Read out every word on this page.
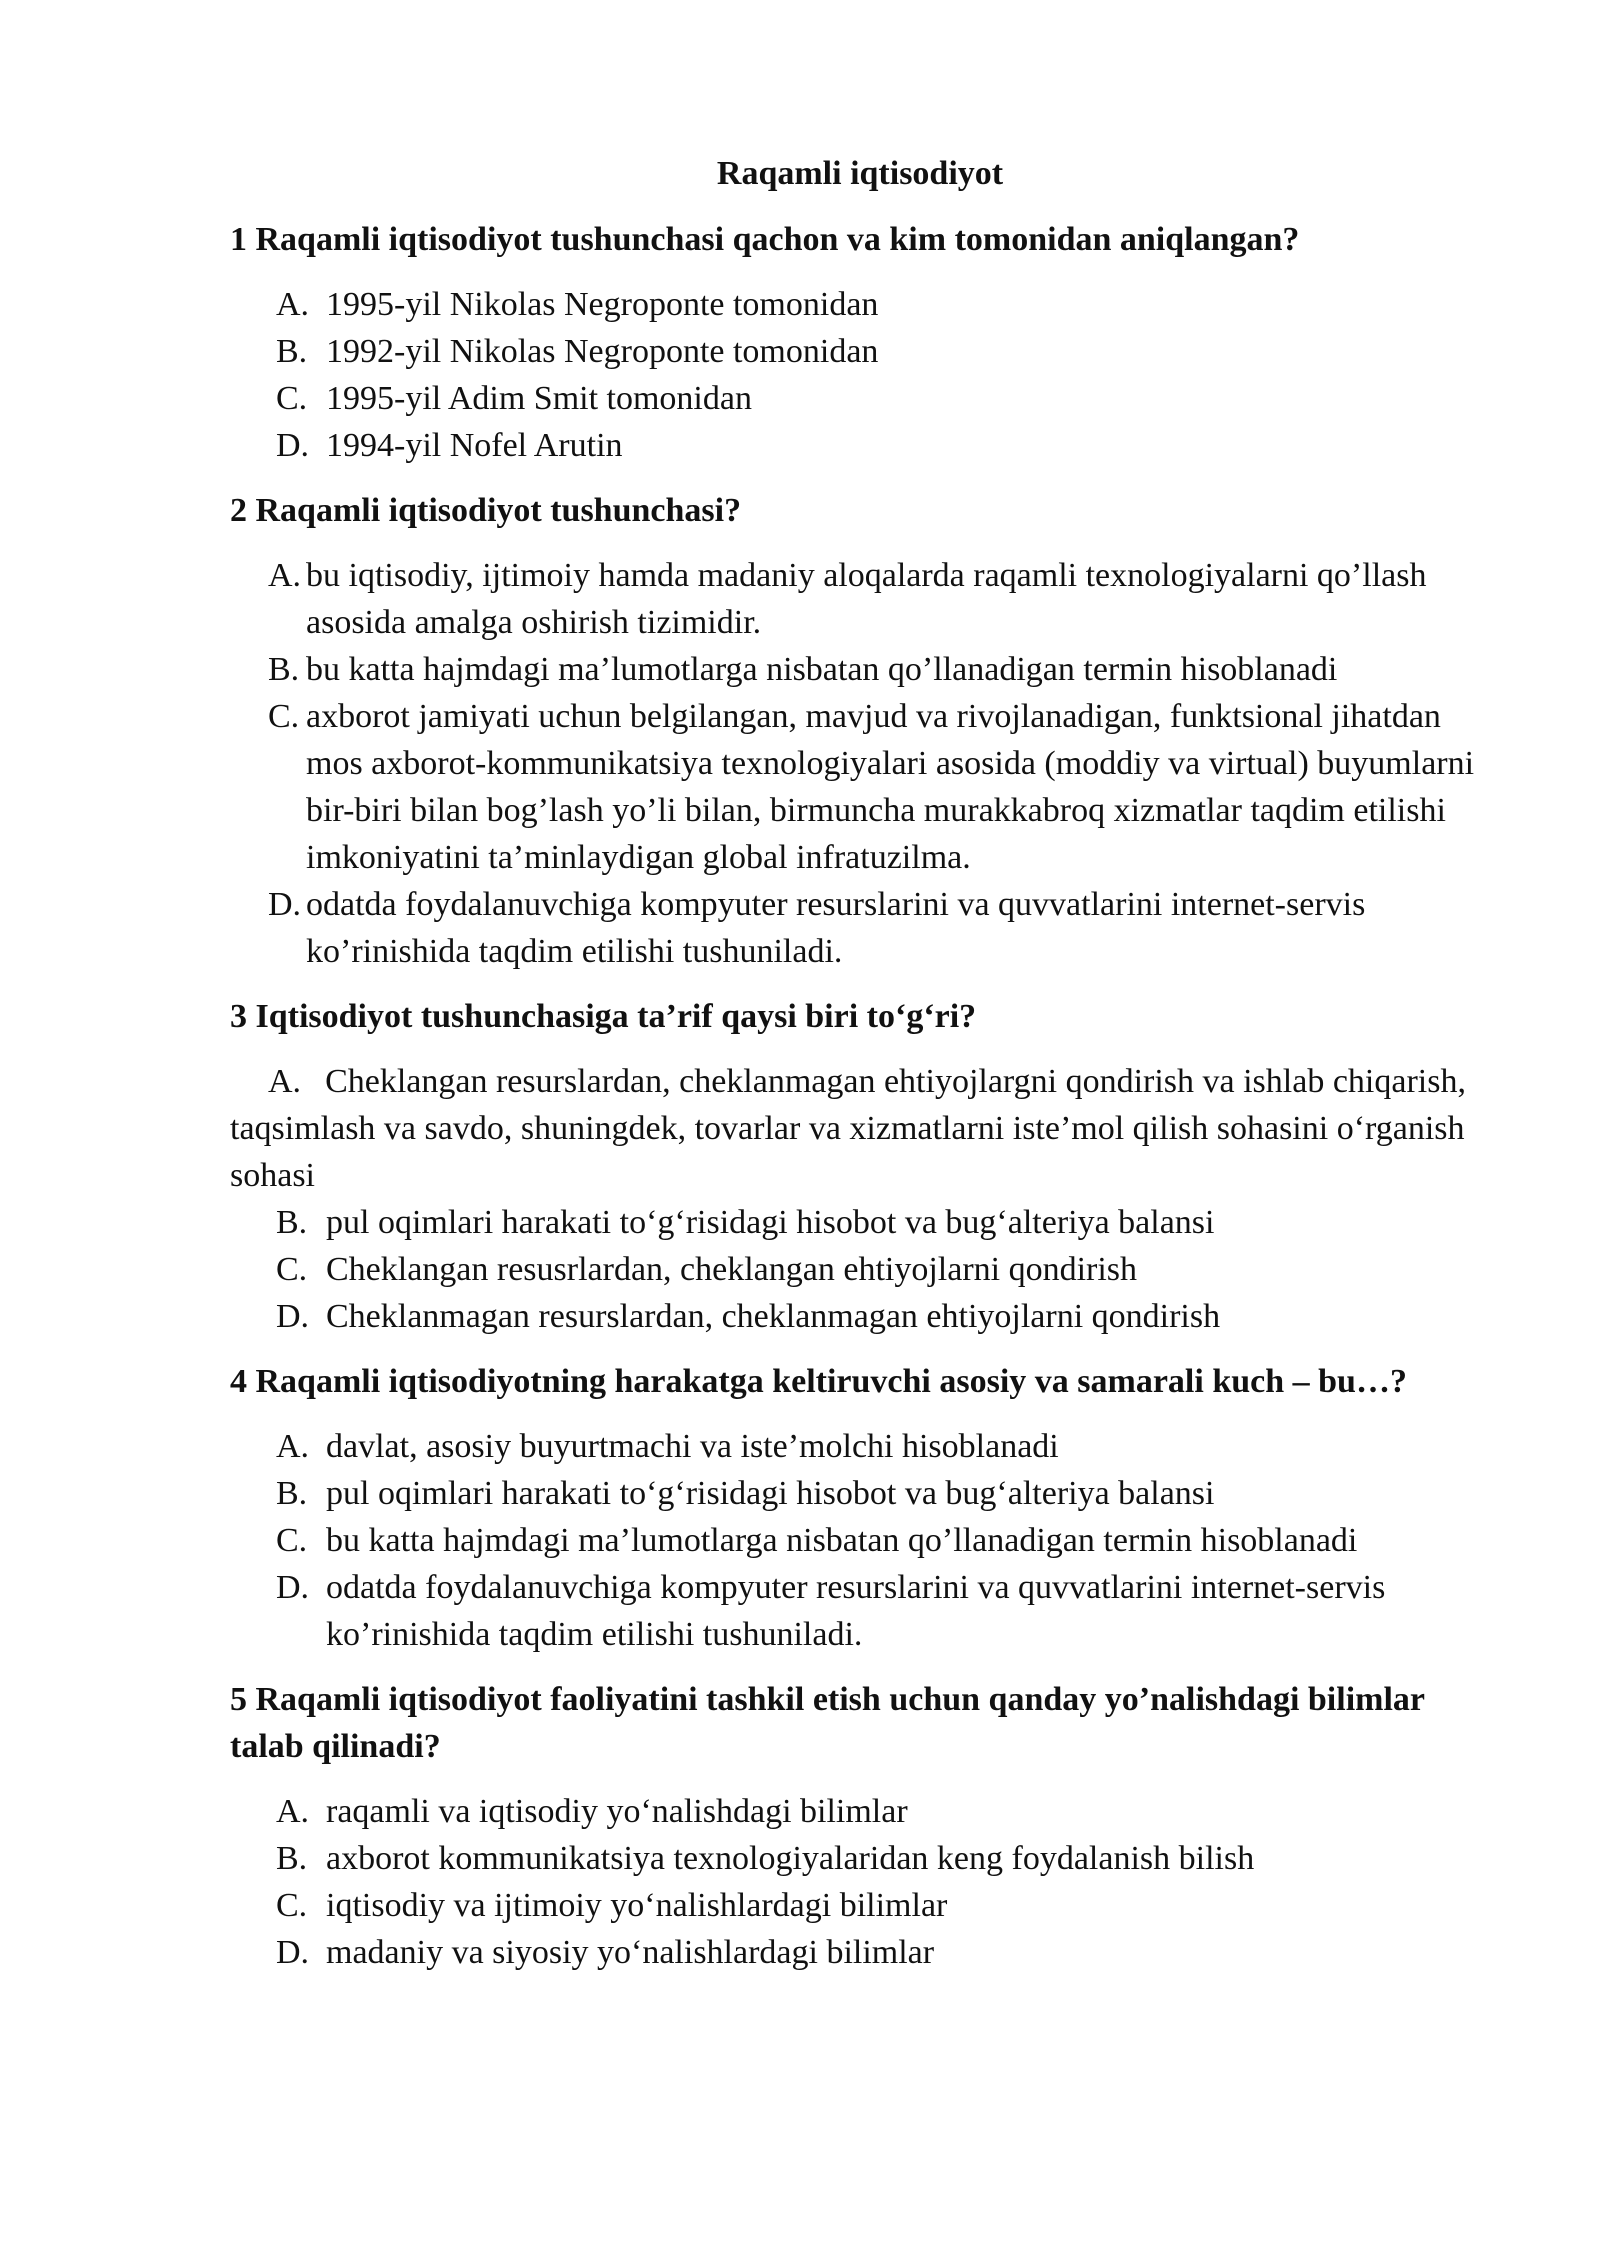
Raqamli iqtisodiyot

1 Raqamli iqtisodiyot tushunchasi qachon va kim tomonidan aniqlangan?

A. 1995-yil Nikolas Negroponte tomonidan
B. 1992-yil Nikolas Negroponte tomonidan
C. 1995-yil Adim Smit tomonidan
D. 1994-yil Nofel Arutin

2 Raqamli iqtisodiyot tushunchasi?

A. bu iqtisodiy, ijtimoiy hamda madaniy aloqalarda raqamli texnologiyalarni qo’llash asosida amalga oshirish tizimidir.
B. bu katta hajmdagi ma’lumotlarga nisbatan qo’llanadigan termin hisoblanadi
C. axborot jamiyati uchun belgilangan, mavjud va rivojlanadigan, funktsional jihatdan mos axborot-kommunikatsiya texnologiyalari asosida (moddiy va virtual) buyumlarni bir-biri bilan bog’lash yo’li bilan, birmuncha murakkabroq xizmatlar taqdim etilishi imkoniyatini ta’minlaydigan global infratuzilma.
D. odatda foydalanuvchiga kompyuter resurslarini va quvvatlarini internet-servis ko’rinishida taqdim etilishi tushuniladi.

3 Iqtisodiyot tushunchasiga ta’rif qaysi biri to‘g‘ri?

A. Cheklangan resurslardan, cheklanmagan ehtiyojlargni qondirish va ishlab chiqarish, taqsimlash va savdo, shuningdek, tovarlar va xizmatlarni iste’mol qilish sohasini o‘rganish sohasi
B. pul oqimlari harakati to‘g‘risidagi hisobot va bug‘alteriya balansi
C. Cheklangan resusrlardan, cheklangan ehtiyojlarni qondirish
D. Cheklanmagan resurslardan, cheklanmagan ehtiyojlarni qondirish

4 Raqamli iqtisodiyotning harakatga keltiruvchi asosiy va samarali kuch – bu…?

A. davlat, asosiy buyurtmachi va iste’molchi hisoblanadi
B. pul oqimlari harakati to‘g‘risidagi hisobot va bug‘alteriya balansi
C. bu katta hajmdagi ma’lumotlarga nisbatan qo’llanadigan termin hisoblanadi
D. odatda foydalanuvchiga kompyuter resurslarini va quvvatlarini internet-servis ko’rinishida taqdim etilishi tushuniladi.

5 Raqamli iqtisodiyot faoliyatini tashkil etish uchun qanday yo’nalishdagi bilimlar talab qilinadi?

A. raqamli va iqtisodiy yo‘nalishdagi bilimlar
B. axborot kommunikatsiya texnologiyalaridan keng foydalanish bilish
C. iqtisodiy va ijtimoiy yo‘nalishlardagi bilimlar
D. madaniy va siyosiy yo‘nalishlardagi bilimlar
